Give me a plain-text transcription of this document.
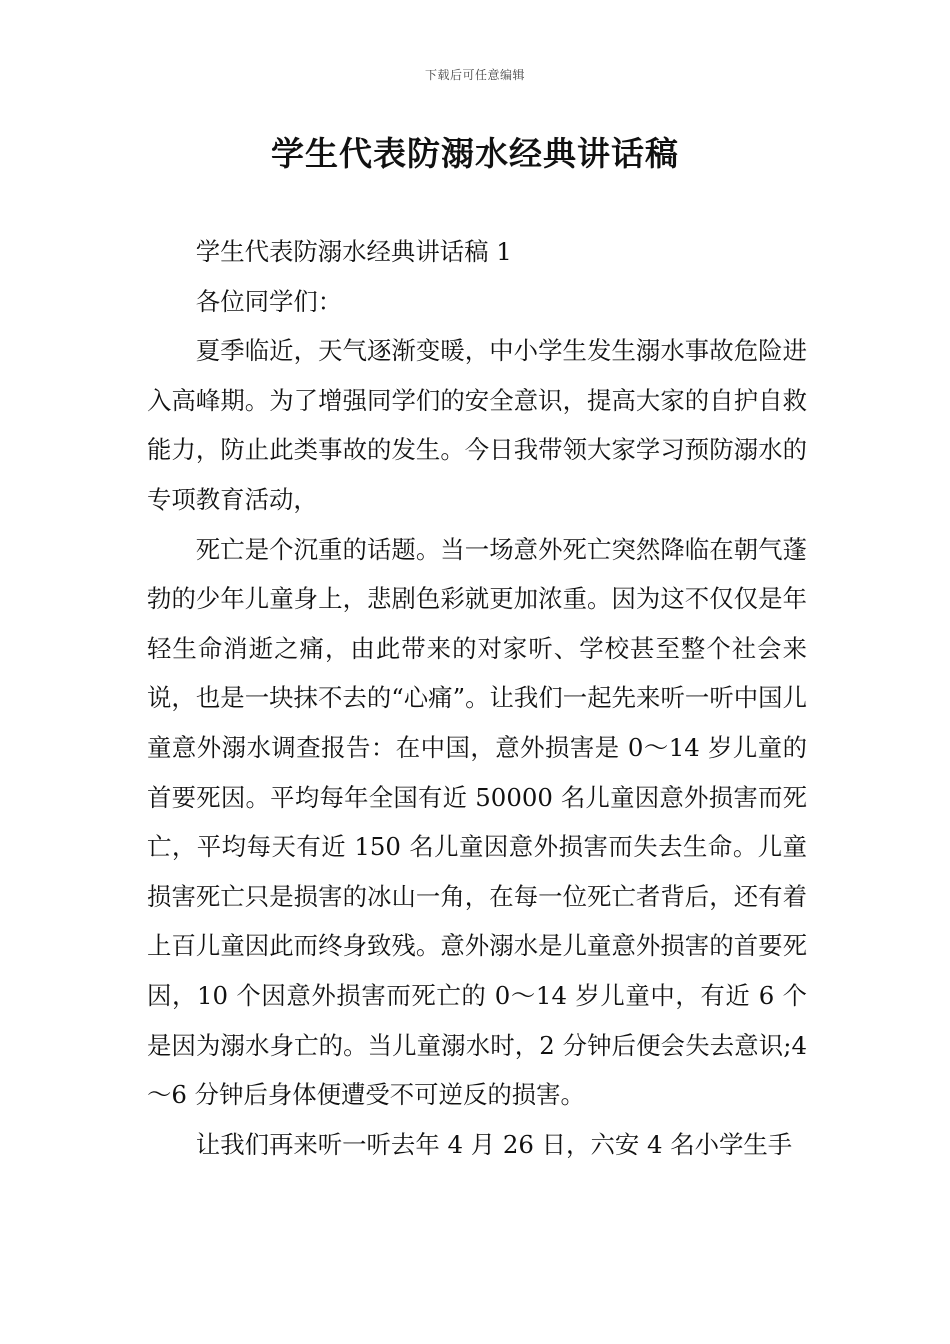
下载后可任意编辑
学生代表防溺水经典讲话稿

学生代表防溺水经典讲话稿 1

各位同学们：

夏季临近，天气逐渐变暖，中小学生发生溺水事故危险进入高峰期。为了增强同学们的安全意识，提高大家的自护自救能力，防止此类事故的发生。今日我带领大家学习预防溺水的专项教育活动，

死亡是个沉重的话题。当一场意外死亡突然降临在朝气蓬勃的少年儿童身上，悲剧色彩就更加浓重。因为这不仅仅是年轻生命消逝之痛，由此带来的对家听、学校甚至整个社会来说，也是一块抹不去的“心痛”。让我们一起先来听一听中国儿童意外溺水调查报告：在中国，意外损害是 0～14 岁儿童的首要死因。平均每年全国有近 50000 名儿童因意外损害而死亡，平均每天有近 150 名儿童因意外损害而失去生命。儿童损害死亡只是损害的冰山一角，在每一位死亡者背后，还有着上百儿童因此而终身致残。意外溺水是儿童意外损害的首要死因，10 个因意外损害而死亡的 0～14 岁儿童中，有近 6 个是因为溺水身亡的。当儿童溺水时，2 分钟后便会失去意识;4～6 分钟后身体便遭受不可逆反的损害。

让我们再来听一听去年 4 月 26 日，六安 4 名小学生手
